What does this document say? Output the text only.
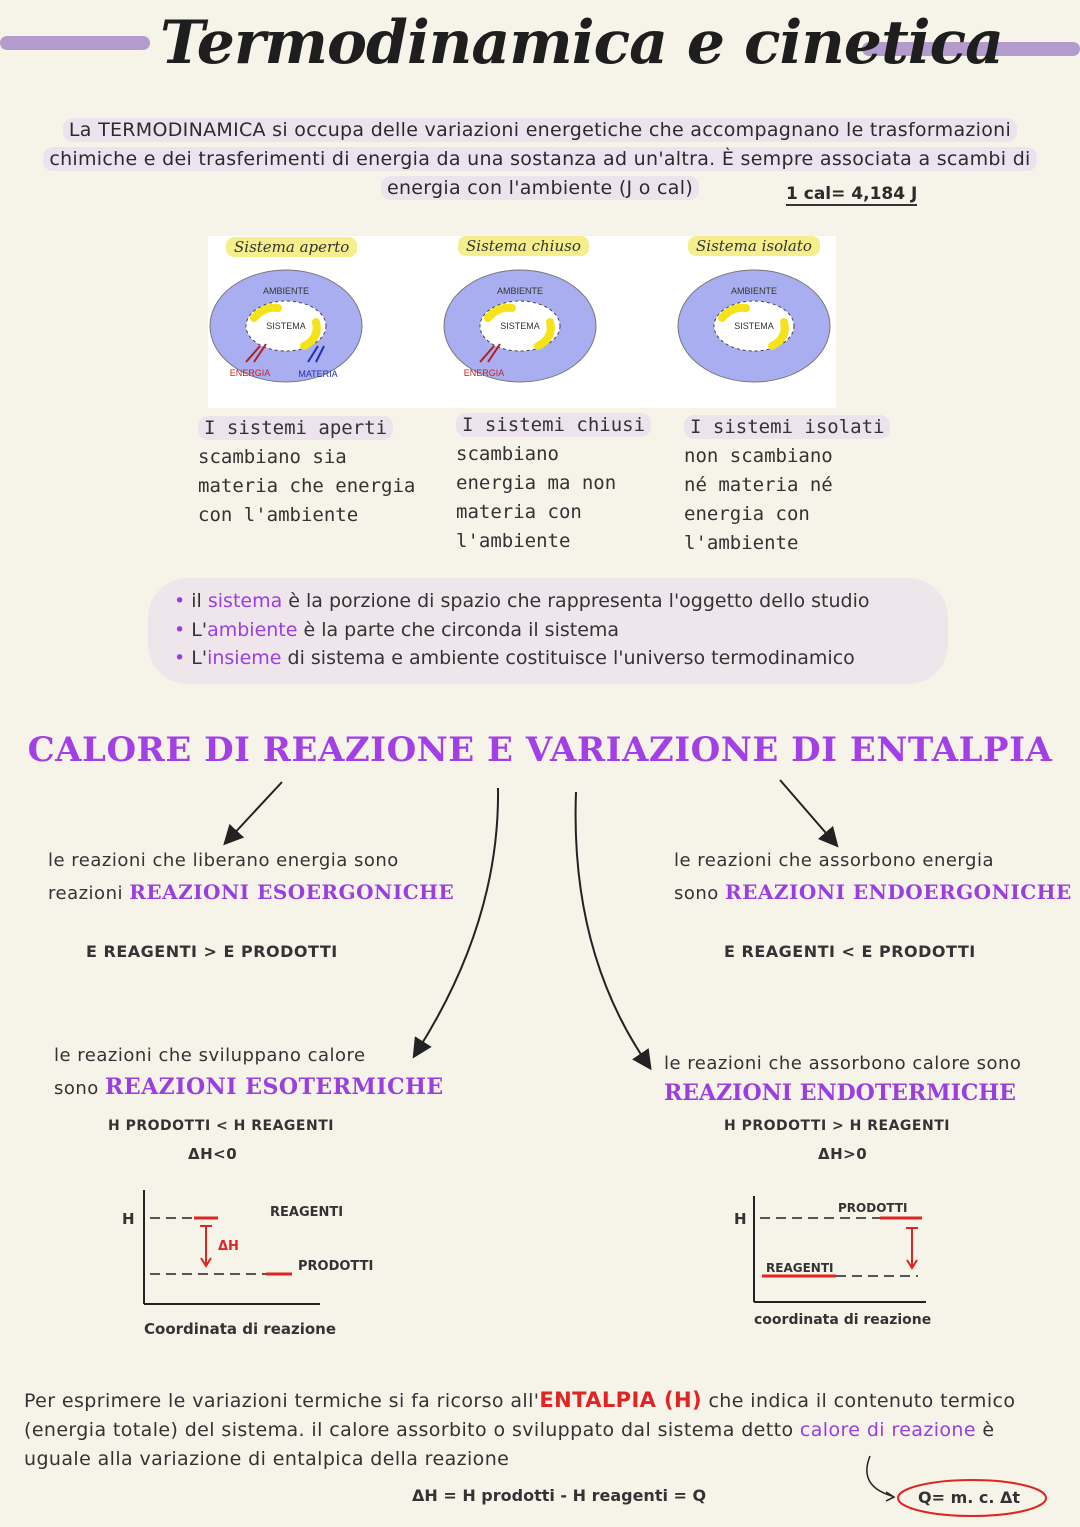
Termodinamica e cinetica
La TERMODINAMICA si occupa delle variazioni energetiche che accompagnano le trasformazioni
chimiche e dei trasferimenti di energia da una sostanza ad un'altra. È sempre associata a scambi di
energia con l'ambiente (J o cal)	1 cal= 4,184 J
Sistema aperto	Sistema chiuso	Sistema isolato
AMBIENTE
SISTEMA
ENERGIA	MATERIA
AMBIENTE
SISTEMA
ENERGIA
AMBIENTE
SISTEMA
I sistemi aperti
scambiano sia
materia che energia
con l'ambiente
I sistemi chiusi
scambiano
energia ma non
materia con
l'ambiente
I sistemi isolati
non scambiano
né materia né
energia con
l'ambiente
• il sistema è la porzione di spazio che rappresenta l'oggetto dello studio
• L'ambiente è la parte che circonda il sistema
• L'insieme di sistema e ambiente costituisce l'universo termodinamico
CALORE DI REAZIONE E VARIAZIONE DI ENTALPIA
le reazioni che liberano energia sono
reazioni REAZIONI ESOERGONICHE
E REAGENTI > E PRODOTTI
le reazioni che assorbono energia
sono REAZIONI ENDOERGONICHE
E REAGENTI < E PRODOTTI
le reazioni che sviluppano calore
sono REAZIONI ESOTERMICHE
H PRODOTTI < H REAGENTI
ΔH<0
H
ΔH
REAGENTI
PRODOTTI
Coordinata di reazione
le reazioni che assorbono calore sono
REAZIONI ENDOTERMICHE
H PRODOTTI > H REAGENTI
ΔH>0
H
PRODOTTI
REAGENTI
coordinata di reazione
Per esprimere le variazioni termiche si fa ricorso all'ENTALPIA (H) che indica il contenuto termico
(energia totale) del sistema. il calore assorbito o sviluppato dal sistema detto calore di reazione è
uguale alla variazione di entalpica della reazione
ΔH = H prodotti - H reagenti = Q	Q= m. c. Δt
